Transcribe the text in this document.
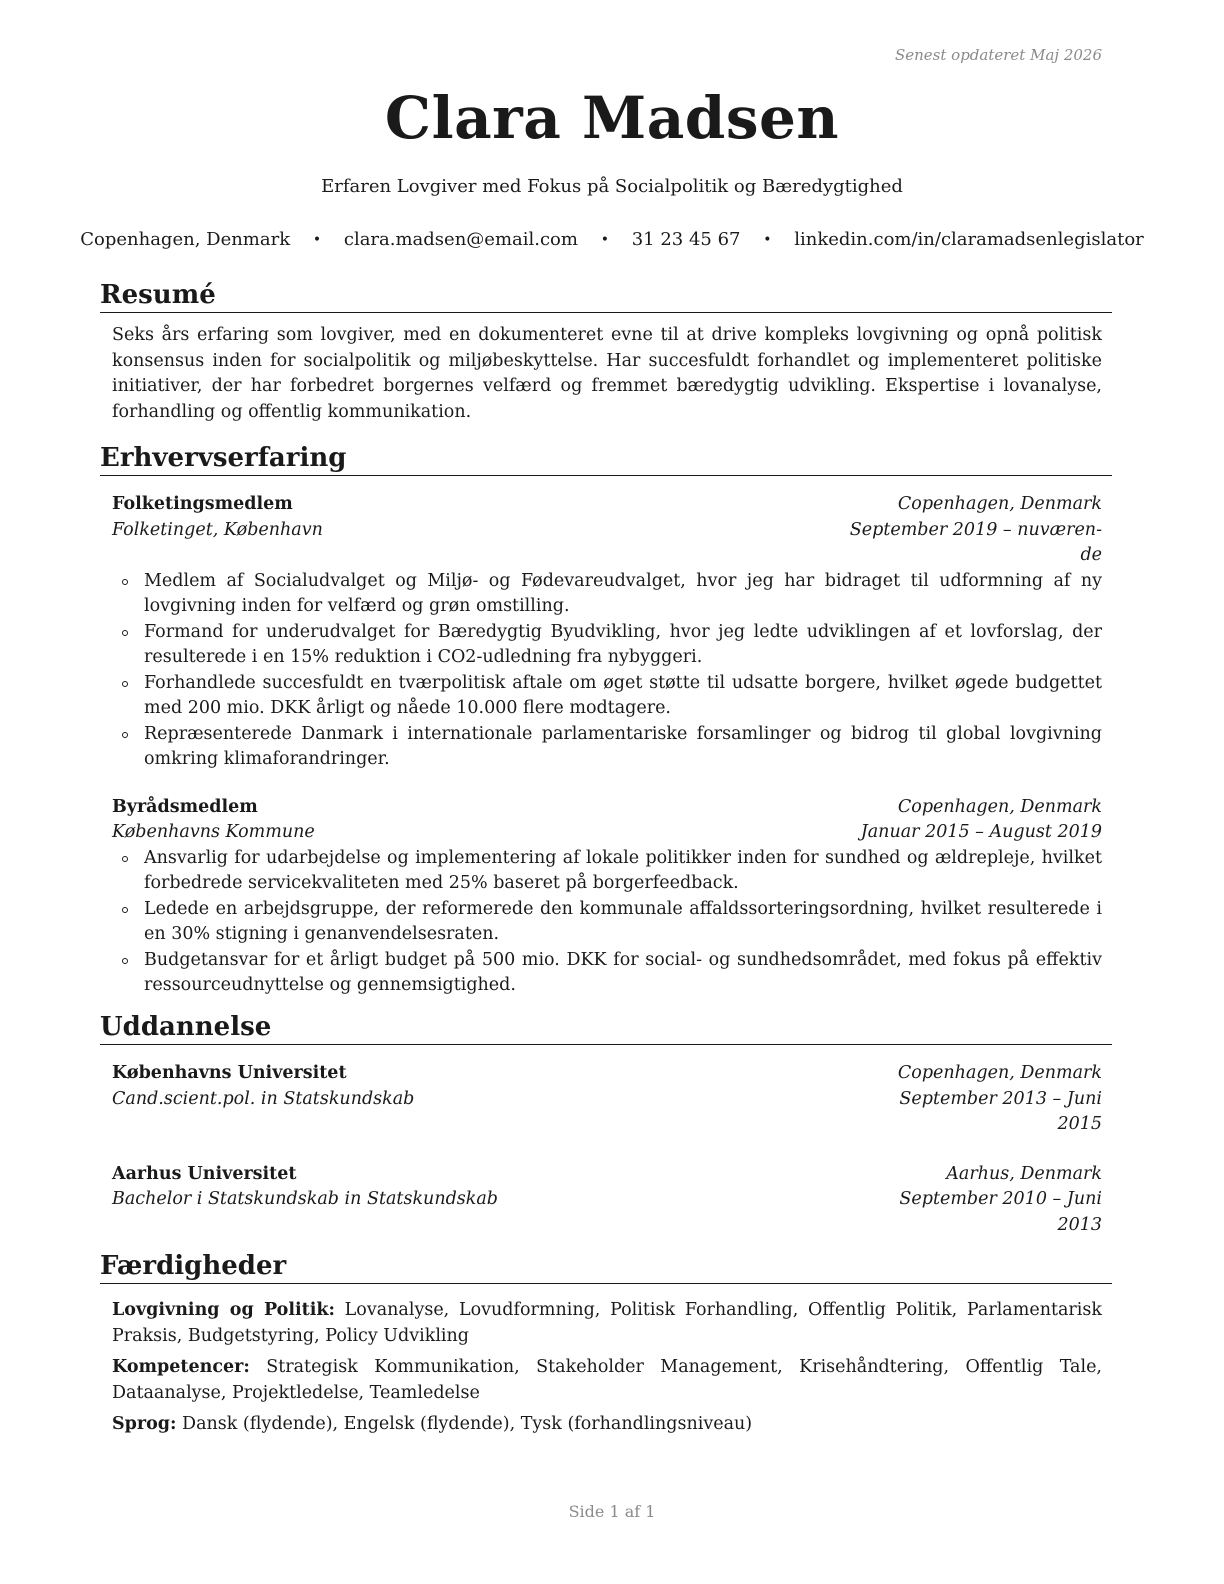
Senest opdateret Maj 2026
Clara Madsen
Erfaren Lovgiver med Fokus på Socialpolitik og Bæredygtighed
Copenhagen, Denmark • clara.madsen@email.com • 31 23 45 67 • linkedin.com/in/claramadsenlegislator
Resumé

Seks års erfaring som lovgiver, med en dokumenteret evne til at drive kompleks lovgivning og opnå politisk konsensus inden for socialpolitik og miljøbeskyttelse. Har succesfuldt forhandlet og implementeret politiske initiativer, der har forbedret borgernes velfærd og fremmet bæredygtig udvikling. Ekspertise i lovanalyse, forhandling og offentlig kommunikation.

Erhvervserfaring
Folketingsmedlem	Copenhagen, Denmark
Folketinget, København	September 2019 – nuværen-
de
Medlem af Socialudvalget og Miljø- og Fødevareudvalget, hvor jeg har bidraget til udformning af ny lovgivning inden for velfærd og grøn omstilling.
Formand for underudvalget for Bæredygtig Byudvikling, hvor jeg ledte udviklingen af et lovforslag, der resulterede i en 15% reduktion i CO2-udledning fra nybyggeri.
Forhandlede succesfuldt en tværpolitisk aftale om øget støtte til udsatte borgere, hvilket øgede budgettet med 200 mio. DKK årligt og nåede 10.000 flere modtagere.
Repræsenterede Danmark i internationale parlamentariske forsamlinger og bidrog til global lovgivning omkring klimaforandringer.
Byrådsmedlem	Copenhagen, Denmark
Københavns Kommune	Januar 2015 – August 2019
Ansvarlig for udarbejdelse og implementering af lokale politikker inden for sundhed og ældrepleje, hvilket forbedrede servicekvaliteten med 25% baseret på borgerfeedback.
Ledede en arbejdsgruppe, der reformerede den kommunale affaldssorteringsordning, hvilket resulterede i en 30% stigning i genanvendelsesraten.
Budgetansvar for et årligt budget på 500 mio. DKK for social- og sundhedsområdet, med fokus på effektiv ressourceudnyttelse og gennemsigtighed.
Uddannelse
Københavns Universitet	Copenhagen, Denmark
Cand.scient.pol. in Statskundskab	September 2013 – Juni
2015
Aarhus Universitet	Aarhus, Denmark
Bachelor i Statskundskab in Statskundskab	September 2010 – Juni
2013
Færdigheder

Lovgivning og Politik: Lovanalyse, Lovudformning, Politisk Forhandling, Offentlig Politik, Parlamentarisk Praksis, Budgetstyring, Policy Udvikling

Kompetencer: Strategisk Kommunikation, Stakeholder Management, Krisehåndtering, Offentlig Tale, Dataanalyse, Projektledelse, Teamledelse

Sprog: Dansk (flydende), Engelsk (flydende), Tysk (forhandlingsniveau)

Side 1 af 1
